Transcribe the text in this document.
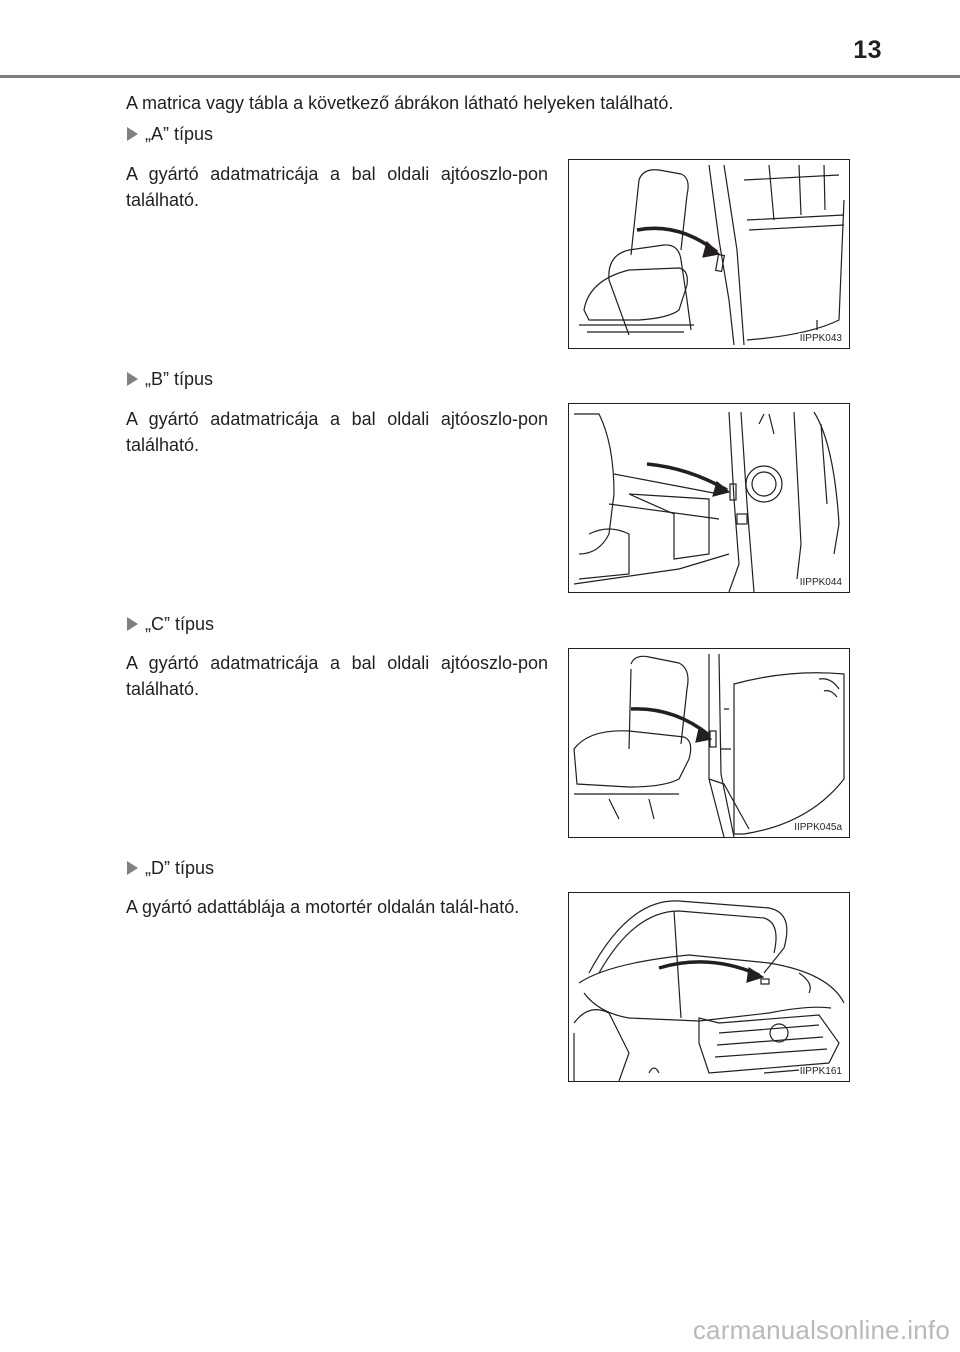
13
A matrica vagy tábla a következő ábrákon látható helyeken található.
„A” típus
A gyártó adatmatricája a bal oldali ajtóoszlo-pon található.
IIPPK043
„B” típus
A gyártó adatmatricája a bal oldali ajtóoszlo-pon található.
IIPPK044
„C” típus
A gyártó adatmatricája a bal oldali ajtóoszlo-pon található.
IIPPK045a
„D” típus
A gyártó adattáblája a motortér oldalán talál-ható.
IIPPK161
carmanualsonline.info
